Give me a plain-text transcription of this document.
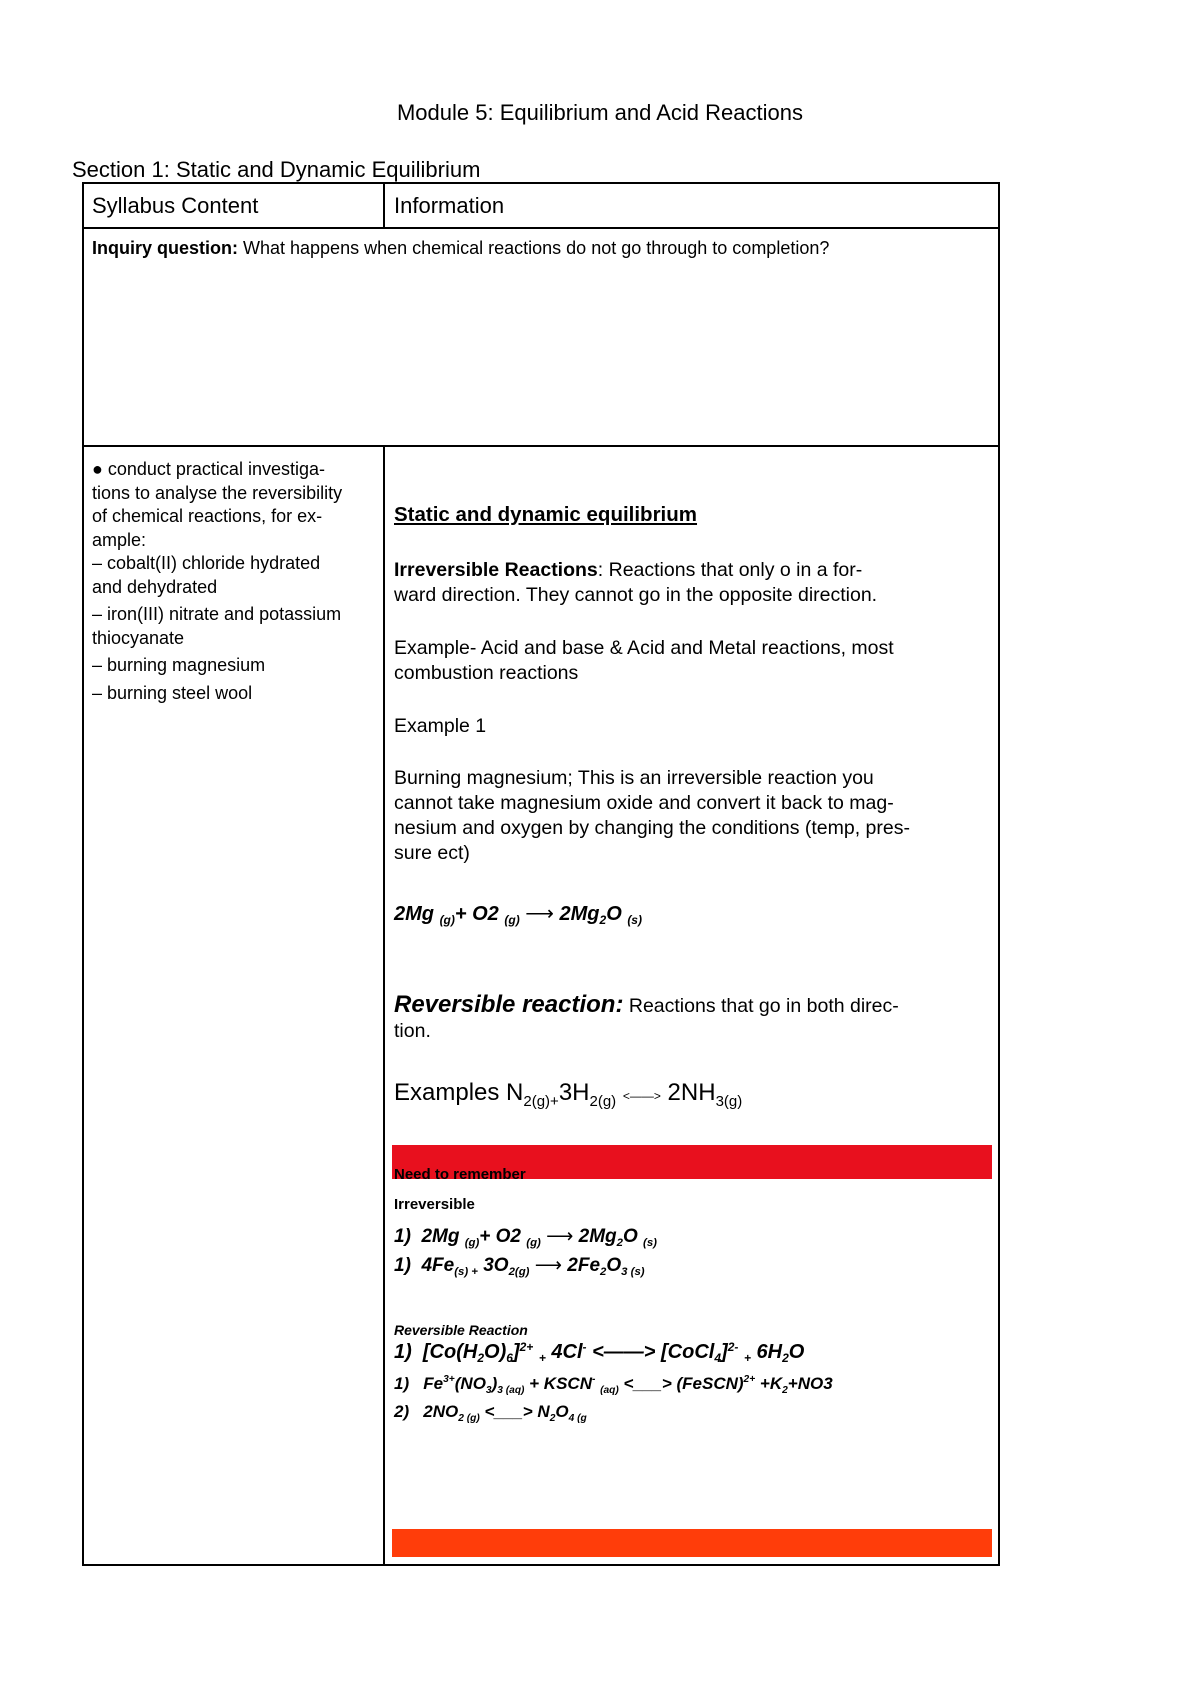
Module 5: Equilibrium and Acid Reactions
Section 1: Static and Dynamic Equilibrium
Syllabus Content	Information
Inquiry question: What happens when chemical reactions do not go through to completion?
● conduct practical investiga-
tions to analyse the reversibility
of chemical reactions, for ex-
ample:
– cobalt(II) chloride hydrated
and dehydrated
– iron(III) nitrate and potassium
thiocyanate
– burning magnesium
– burning steel wool
Static and dynamic equilibrium
Irreversible Reactions: Reactions that only o in a for-
ward direction. They cannot go in the opposite direction.
Example- Acid and base & Acid and Metal reactions, most
combustion reactions
Example 1
Burning magnesium; This is an irreversible reaction you
cannot take magnesium oxide and convert it back to mag-
nesium and oxygen by changing the conditions (temp, pres-
sure ect)
2Mg $_{(g)}$+ O2 $_{(g)}$ ⟶ $2Mg_2O$ $_{(s)}$
Reversible reaction: Reactions that go in both direc-
tion.
Examples $N_{2(g)+}3H_{2(g)}$ <——> $2NH_{3(g)}$
Need to remember
Irreversible
1)  2Mg $_{(g)}$+ O2 $_{(g)}$ ⟶ $2Mg_2O$ $_{(s)}$
1)  $4Fe_{(s) +}$ $3O_{2(g)}$ ⟶ $2Fe_2O_{3 (s)}$
Reversible Reaction
1)  $[Co(H_2O)_6]^{2+}$ $_+$ 4Cl- <——> [CoCl$_4$]$^{2-}$ $_+$ $6H_2O$
1)   $Fe^{3+}(NO_3)_{3 (aq)}$ + KSCN- $_{(aq)}$ <___> (FeSCN)$^{2+}$ $+K_2+NO3$
2)   $2NO_{2 (g)}$ <___> $N_2O_{4 (g}$
